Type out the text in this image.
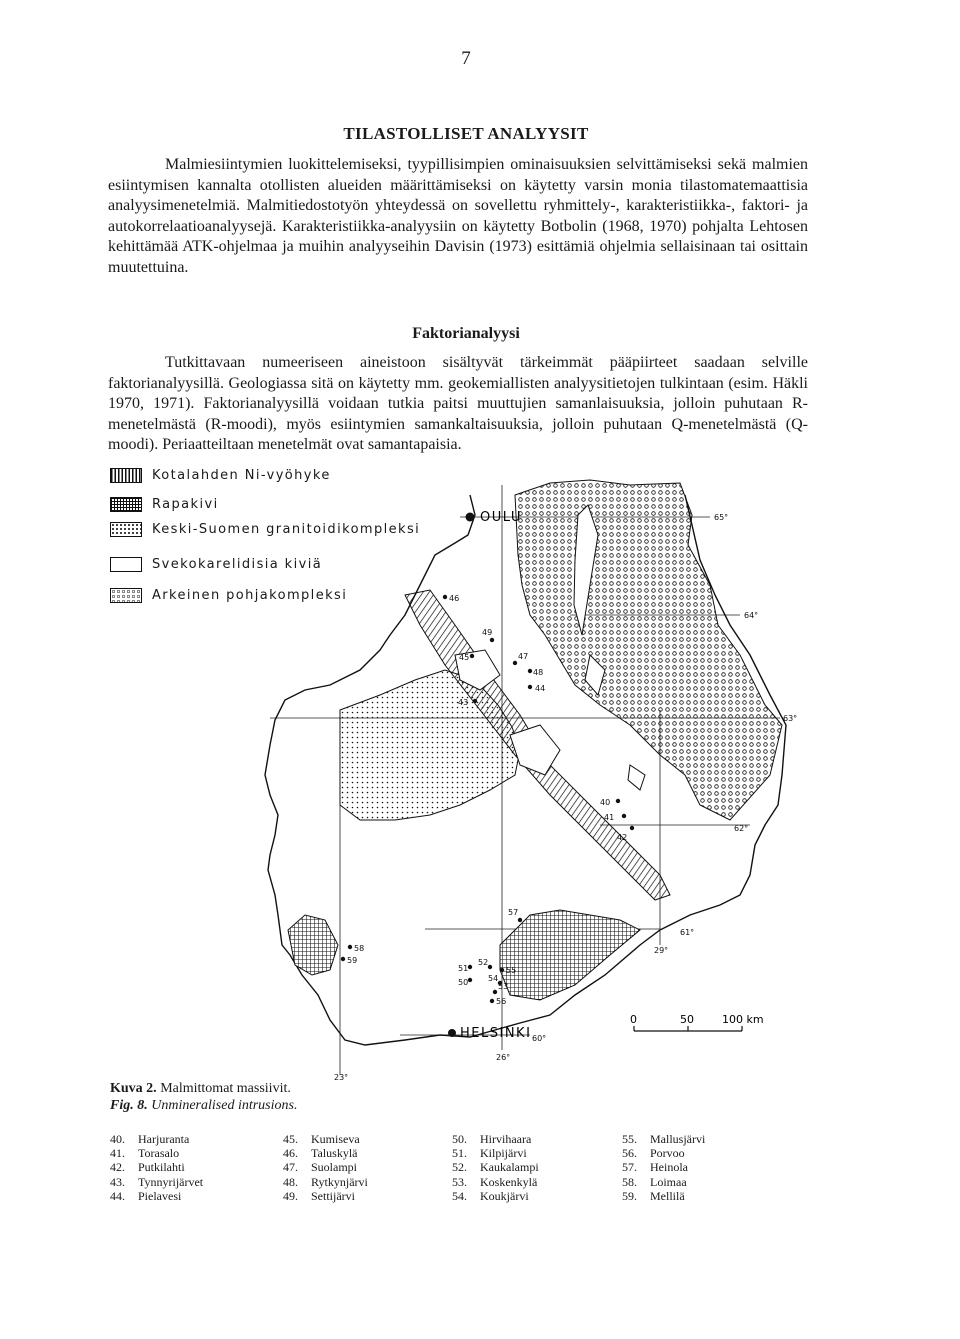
7
TILASTOLLISET ANALYYSIT

Malmiesiintymien luokittelemiseksi, tyypillisimpien ominaisuuksien selvittämiseksi sekä malmien esiintymisen kannalta otollisten alueiden määrittämiseksi on käytetty varsin monia tilastomatemaattisia analyysimenetelmiä. Malmitiedostotyön yhteydessä on sovellettu ryhmittely-, karakteristiikka-, faktori- ja autokorrelaatioanalyysejä. Karakteristiikka-analyysiin on käytetty Botbolin (1968, 1970) pohjalta Lehtosen kehittämää ATK-ohjelmaa ja muihin analyyseihin Davisin (1973) esittämiä ohjelmia sellaisinaan tai osittain muutettuina.

Faktorianalyysi

Tutkittavaan numeeriseen aineistoon sisältyvät tärkeimmät pääpiirteet saadaan selville faktorianalyysillä. Geologiassa sitä on käytetty mm. geokemiallisten analyysitietojen tulkintaan (esim. Häkli 1970, 1971). Faktorianalyysillä voidaan tutkia paitsi muuttujien samanlaisuuksia, jolloin puhutaan R-menetelmästä (R-moodi), myös esiintymien samankaltaisuuksia, jolloin puhutaan Q-menetelmästä (Q-moodi). Periaatteiltaan menetelmät ovat samantapaisia.

Kotalahden Ni-vyöhyke
Rapakivi
Keski-Suomen granitoidikompleksi
Svekokarelidisia kiviä
Arkeinen pohjakompleksi	46
49
45	47
48
44
43
40
41
42
57
58
59
50
51
52
54
55
53
56
OULU
HELSINKI
65°
64°
63°
62°
61°
60°
23°
26°
29°
0	50	100 km
Kuva 2. Malmittomat massiivit.
Fig. 8. Unmineralised intrusions.
40. Harjuranta
41. Torasalo
42. Putkilahti
43. Tynnyrijärvet
44. Pielavesi
45. Kumiseva
46. Taluskylä
47. Suolampi
48. Rytkynjärvi
49. Settijärvi
50. Hirvihaara
51. Kilpijärvi
52. Kaukalampi
53. Koskenkylä
54. Koukjärvi
55. Mallusjärvi
56. Porvoo
57. Heinola
58. Loimaa
59. Mellilä
